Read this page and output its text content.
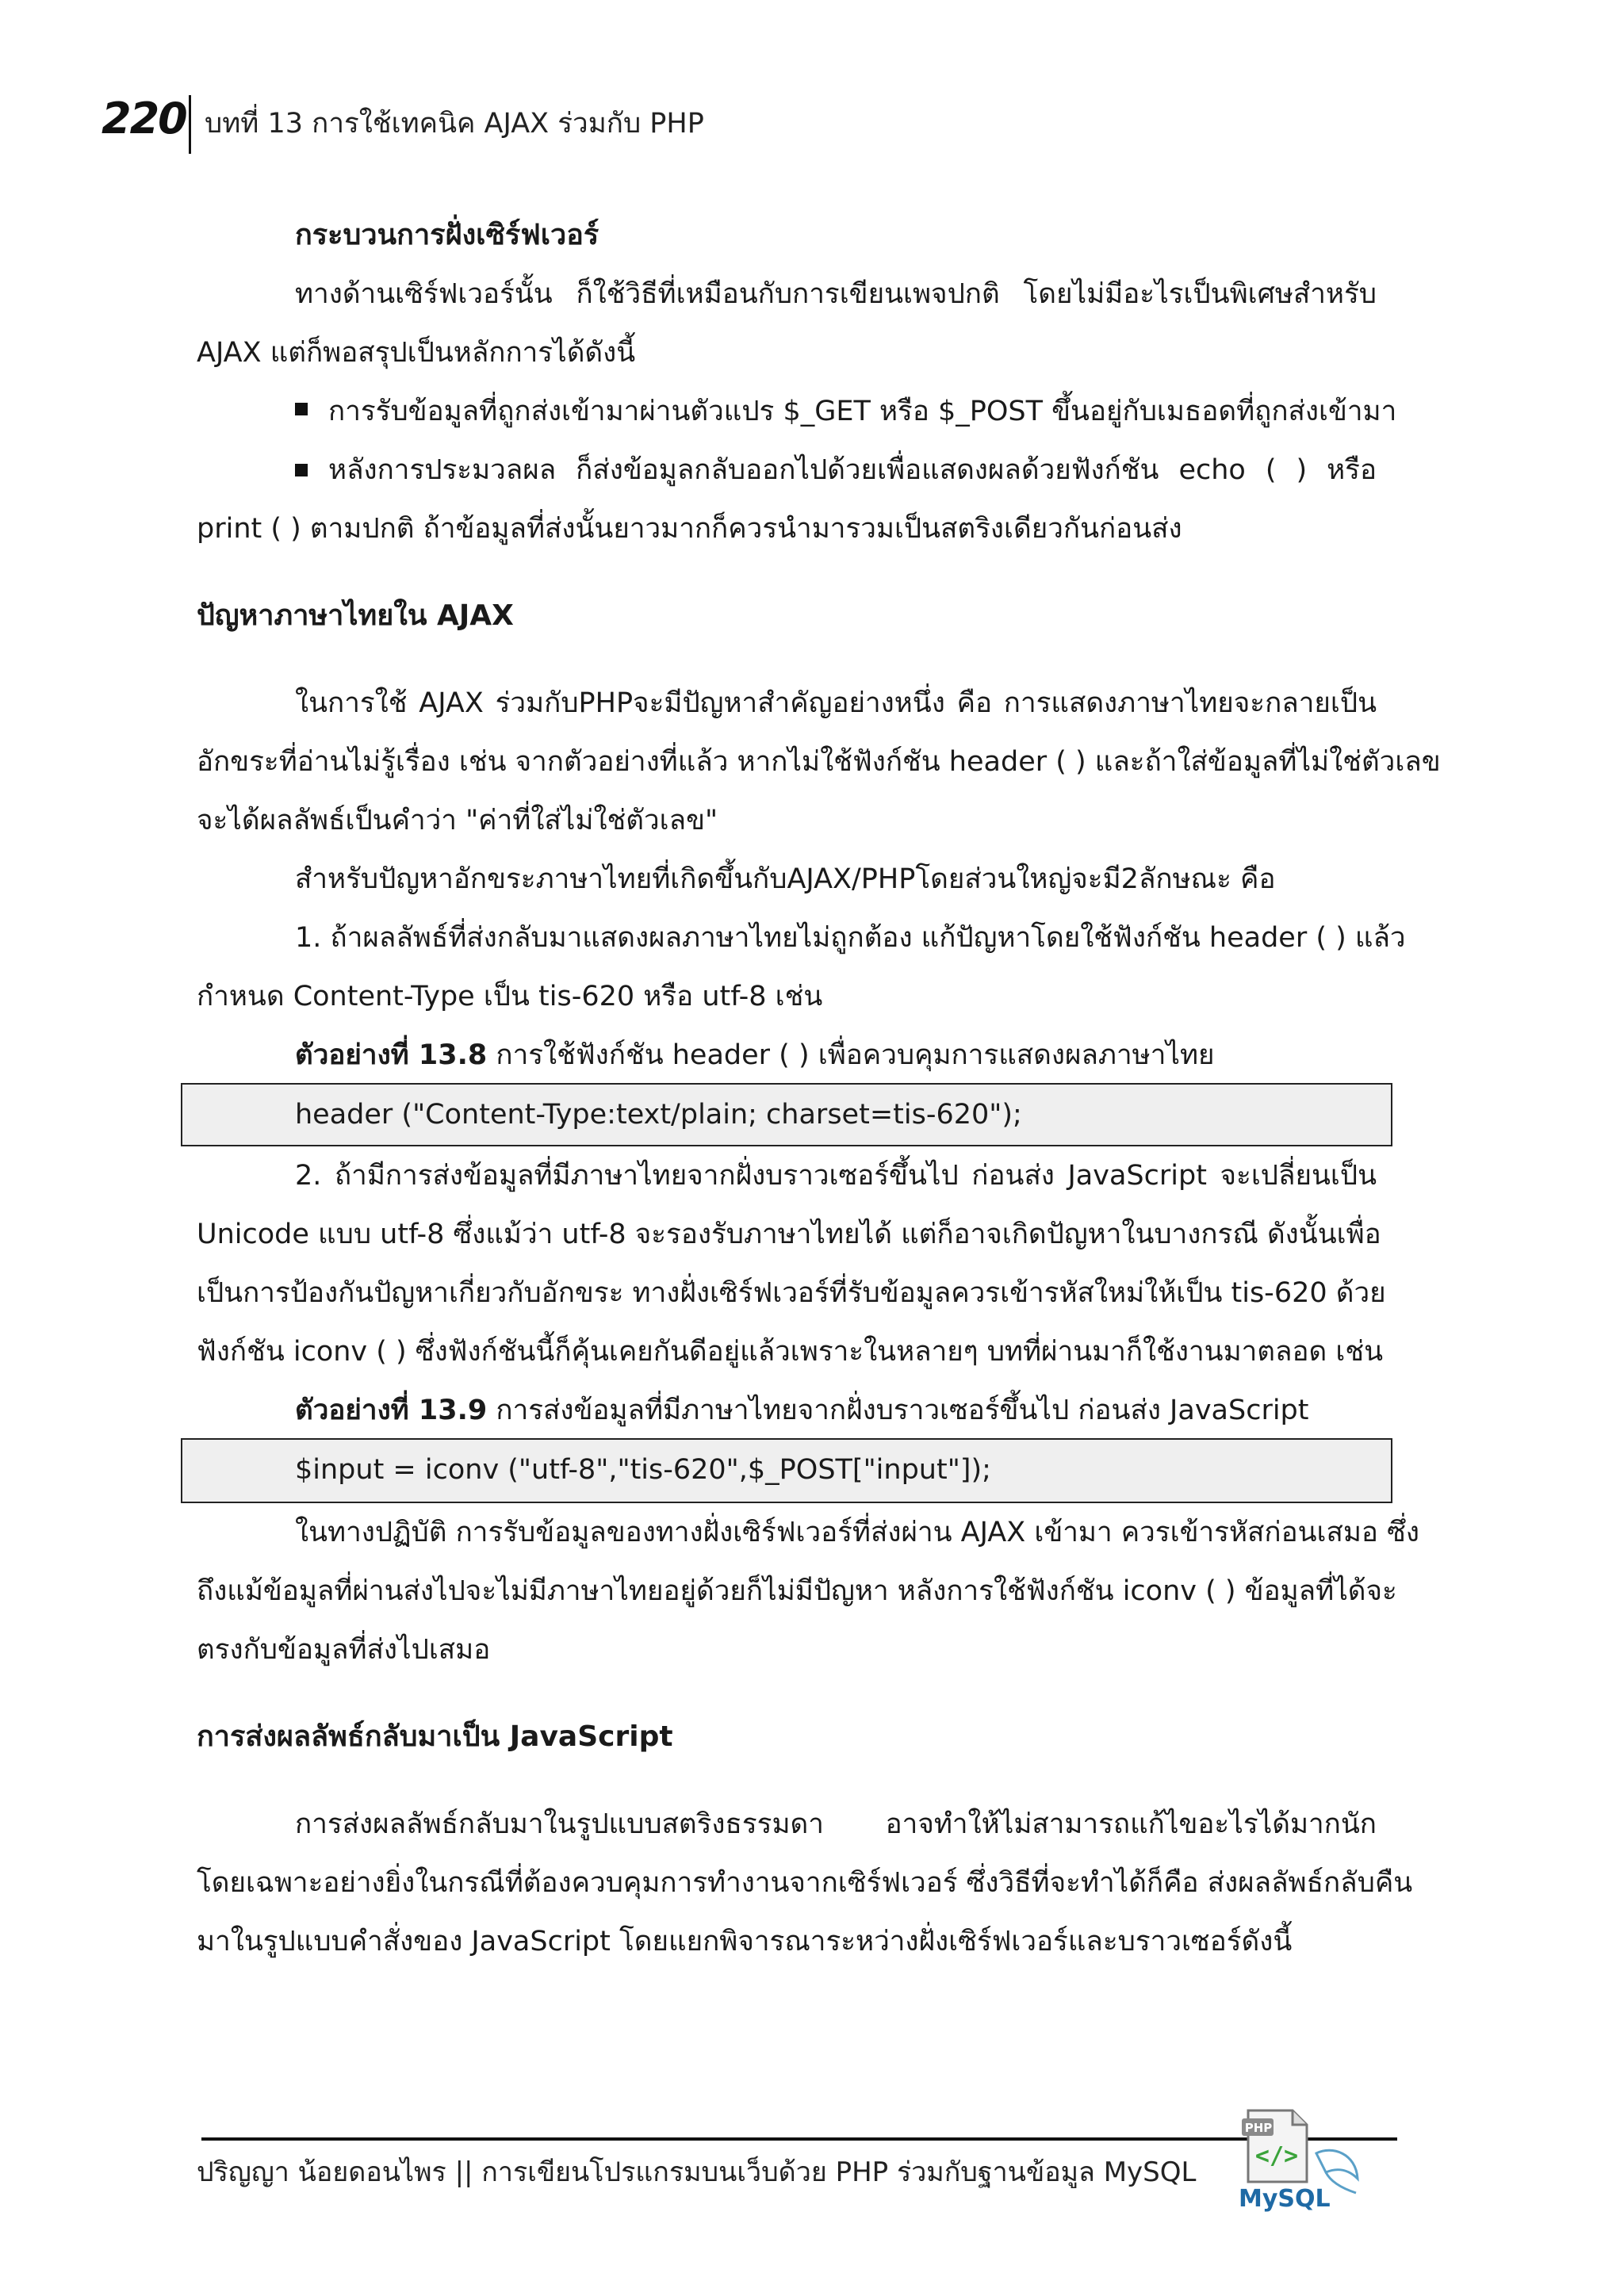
220 บทที่ 13 การใช้เทคนิค AJAX ร่วมกับ PHP
กระบวนการฝั่งเซิร์ฟเวอร์
ทางด้านเซิร์ฟเวอร์นั้น ก็ใช้วิธีที่เหมือนกับการเขียนเพจปกติ โดยไม่มีอะไรเป็นพิเศษสำหรับ
AJAX แต่ก็พอสรุปเป็นหลักการได้ดังนี้
การรับข้อมูลที่ถูกส่งเข้ามาผ่านตัวแปร $_GET หรือ $_POST ขึ้นอยู่กับเมธอดที่ถูกส่งเข้ามา
หลังการประมวลผล ก็ส่งข้อมูลกลับออกไปด้วยเพื่อแสดงผลด้วยฟังก์ชัน echo ( ) หรือ
print ( ) ตามปกติ ถ้าข้อมูลที่ส่งนั้นยาวมากก็ควรนำมารวมเป็นสตริงเดียวกันก่อนส่ง
ปัญหาภาษาไทยใน AJAX
ในการใช้ AJAX ร่วมกับPHPจะมีปัญหาสำคัญอย่างหนึ่ง คือ การแสดงภาษาไทยจะกลายเป็น
อักขระที่อ่านไม่รู้เรื่อง เช่น จากตัวอย่างที่แล้ว หากไม่ใช้ฟังก์ชัน header ( ) และถ้าใส่ข้อมูลที่ไม่ใช่ตัวเลข
จะได้ผลลัพธ์เป็นคำว่า "ค่าที่ใส่ไม่ใช่ตัวเลข"
สำหรับปัญหาอักขระภาษาไทยที่เกิดขึ้นกับAJAX/PHPโดยส่วนใหญ่จะมี2ลักษณะ คือ
1. ถ้าผลลัพธ์ที่ส่งกลับมาแสดงผลภาษาไทยไม่ถูกต้อง แก้ปัญหาโดยใช้ฟังก์ชัน header ( ) แล้ว
กำหนด Content-Type เป็น tis-620 หรือ utf-8 เช่น
ตัวอย่างที่ 13.8 การใช้ฟังก์ชัน header ( ) เพื่อควบคุมการแสดงผลภาษาไทย
header ("Content-Type:text/plain; charset=tis-620");
2. ถ้ามีการส่งข้อมูลที่มีภาษาไทยจากฝั่งบราวเซอร์ขึ้นไป ก่อนส่ง JavaScript จะเปลี่ยนเป็น
Unicode แบบ utf-8 ซึ่งแม้ว่า utf-8 จะรองรับภาษาไทยได้ แต่ก็อาจเกิดปัญหาในบางกรณี ดังนั้นเพื่อ
เป็นการป้องกันปัญหาเกี่ยวกับอักขระ ทางฝั่งเซิร์ฟเวอร์ที่รับข้อมูลควรเข้ารหัสใหม่ให้เป็น tis-620 ด้วย
ฟังก์ชัน iconv ( ) ซึ่งฟังก์ชันนี้ก็คุ้นเคยกันดีอยู่แล้วเพราะในหลายๆ บทที่ผ่านมาก็ใช้งานมาตลอด เช่น
ตัวอย่างที่ 13.9 การส่งข้อมูลที่มีภาษาไทยจากฝั่งบราวเซอร์ขึ้นไป ก่อนส่ง JavaScript
$input = iconv ("utf-8","tis-620",$_POST["input"]);
ในทางปฏิบัติ การรับข้อมูลของทางฝั่งเซิร์ฟเวอร์ที่ส่งผ่าน AJAX เข้ามา ควรเข้ารหัสก่อนเสมอ ซึ่ง
ถึงแม้ข้อมูลที่ผ่านส่งไปจะไม่มีภาษาไทยอยู่ด้วยก็ไม่มีปัญหา หลังการใช้ฟังก์ชัน iconv ( ) ข้อมูลที่ได้จะ
ตรงกับข้อมูลที่ส่งไปเสมอ
การส่งผลลัพธ์กลับมาเป็น JavaScript
การส่งผลลัพธ์กลับมาในรูปแบบสตริงธรรมดา อาจทำให้ไม่สามารถแก้ไขอะไรได้มากนัก
โดยเฉพาะอย่างยิ่งในกรณีที่ต้องควบคุมการทำงานจากเซิร์ฟเวอร์ ซึ่งวิธีที่จะทำได้ก็คือ ส่งผลลัพธ์กลับคืน
มาในรูปแบบคำสั่งของ JavaScript โดยแยกพิจารณาระหว่างฝั่งเซิร์ฟเวอร์และบราวเซอร์ดังนี้
ปริญญา น้อยดอนไพร || การเขียนโปรแกรมบนเว็บด้วย PHP ร่วมกับฐานข้อมูล MySQL
PHP
</>
MySQL
